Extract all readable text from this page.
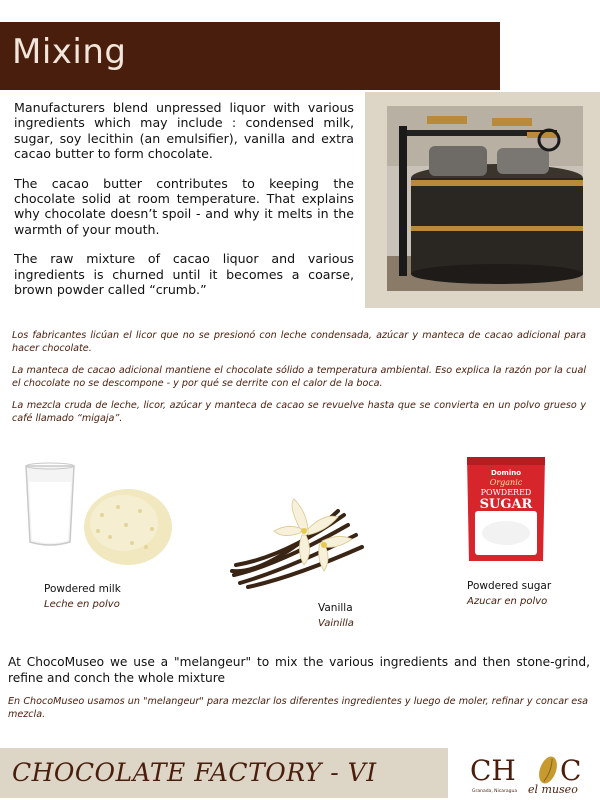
Mixing

Manufacturers blend unpressed liquor with various ingredients which may include : condensed milk, sugar, soy lecithin (an emulsifier), vanilla and extra cacao butter to form chocolate.

The cacao butter contributes to keeping the chocolate solid at room temperature. That explains why chocolate doesn’t spoil - and why it melts in the warmth of your mouth.

The raw mixture of cacao liquor and various ingredients is churned until it becomes a coarse, brown powder called “crumb.”

Los fabricantes licúan el licor que no se presionó con leche condensada, azúcar y manteca de cacao adicional para hacer chocolate.

La manteca de cacao adicional mantiene el chocolate sólido a temperatura ambiental. Eso explica la razón por la cual el chocolate no se descompone - y por qué se derrite con el calor de la boca.

La mezcla cruda de leche, licor, azúcar y manteca de cacao se revuelve hasta que se convierta en un polvo grueso y café llamado “migaja”.

Domino
Organic
POWDERED
SUGAR
Powdered milk
Leche en polvo	Vanilla
Vainilla
Powdered sugar
Azucar en polvo
At ChocoMuseo we use a "melangeur" to mix the various ingredients and then stone-grind, refine and conch the whole mixture
En ChocoMuseo usamos un "melangeur" para mezclar los diferentes ingredientes y luego de moler, refinar y concar esa mezcla.
CHOCOLATE FACTORY - VI	CH C
Granada, Nicaragua el museo
